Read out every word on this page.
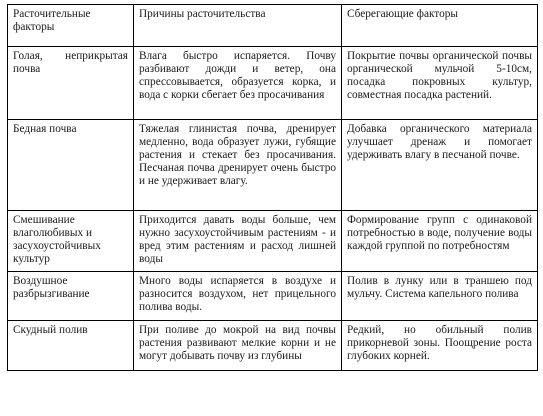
Расточительные факторы	Причины расточительства	Сберегающие факторы
Голая, неприкрытая почва	Влага быстро испаряется. Почву разбивают дожди и ветер, она спрессовывается, образуется корка, и вода с корки сбегает без просачивания	Покрытие почвы органической почвы органической мульчой 5-10см, посадка покровных культур, совместная посадка растений.
Бедная почва	Тяжелая глинистая почва, дренирует медленно, вода образует лужи, губящие растения и стекает без просачивания. Песчаная почва дренирует очень быстро и не удерживает влагу.	Добавка органического материала улучшает дренаж и помогает удерживать влагу в песчаной почве.
Смешивание влаголюбивых и засухоустойчивых культур	Приходится давать воды больше, чем нужно засухоустойчивым растениям - и вред этим растениям и расход лишней воды	Формирование групп с одинаковой потребностью в воде, получение воды каждой группой по потребностям
Воздушное разбрызгивание	Много воды испаряется в воздухе и разносится воздухом, нет прицельного полива воды.	Полив в лунку или в траншею под мульчу. Система капельного полива
Скудный полив	При поливе до мокрой на вид почвы растения развивают мелкие корни и не могут добывать почву из глубины	Редкий, но обильный полив прикорневой зоны. Поощрение роста глубоких корней.
